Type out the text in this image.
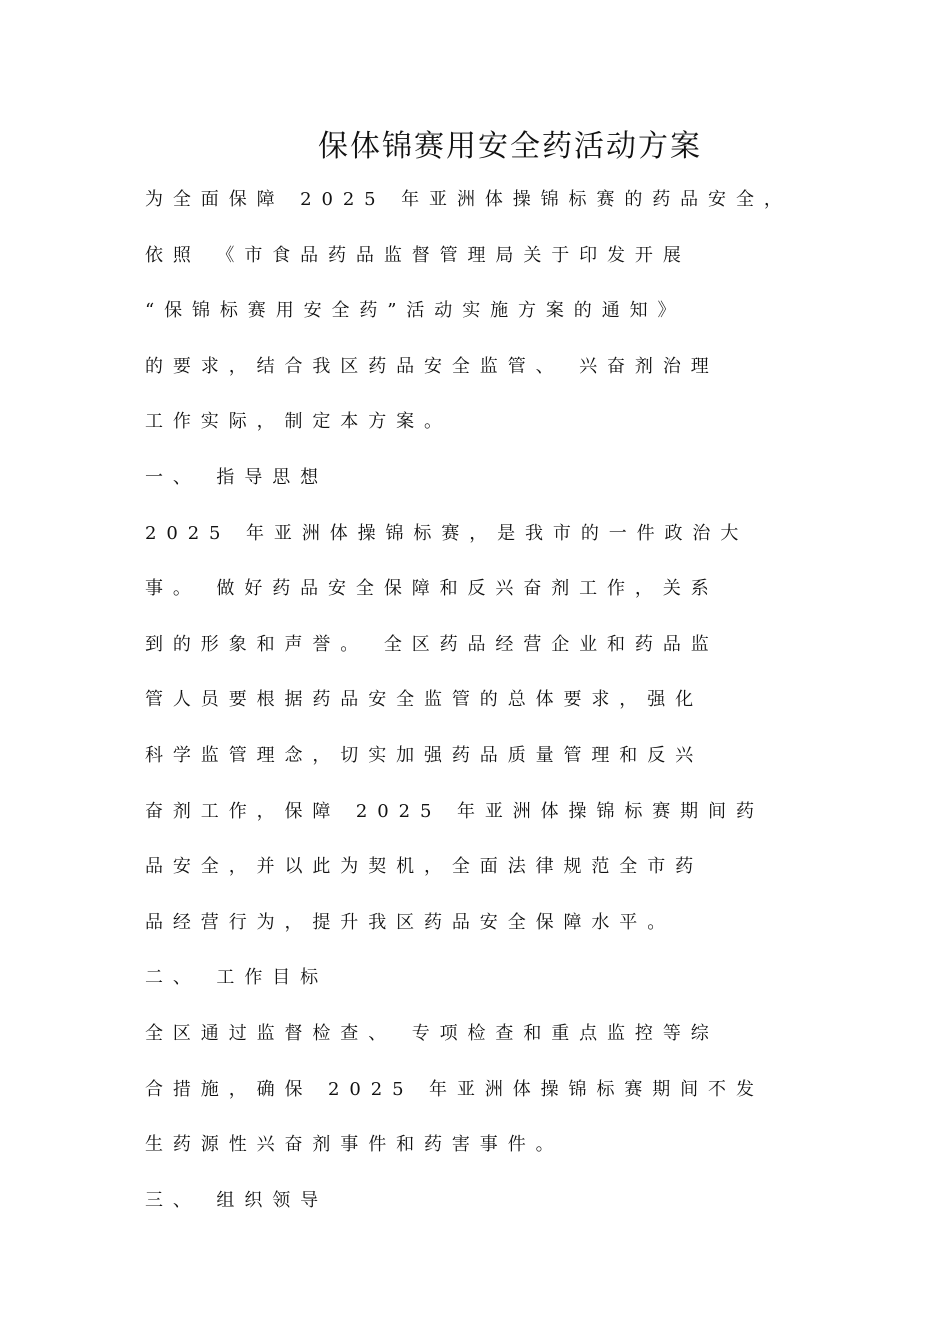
保体锦赛用安全药活动方案
为全面保障 2025 年亚洲体操锦标赛的药品安全，
依照 《市食品药品监督管理局关于印发开展
“保锦标赛用安全药”活动实施方案的通知》
的要求，结合我区药品安全监管、 兴奋剂治理
工作实际，制定本方案。
一、 指导思想
2025 年亚洲体操锦标赛，是我市的一件政治大
事。 做好药品安全保障和反兴奋剂工作，关系
到的形象和声誉。 全区药品经营企业和药品监
管人员要根据药品安全监管的总体要求，强化
科学监管理念，切实加强药品质量管理和反兴
奋剂工作，保障 2025 年亚洲体操锦标赛期间药
品安全，并以此为契机，全面法律规范全市药
品经营行为，提升我区药品安全保障水平。
二、 工作目标
全区通过监督检查、 专项检查和重点监控等综
合措施，确保 2025 年亚洲体操锦标赛期间不发
生药源性兴奋剂事件和药害事件。
三、 组织领导
